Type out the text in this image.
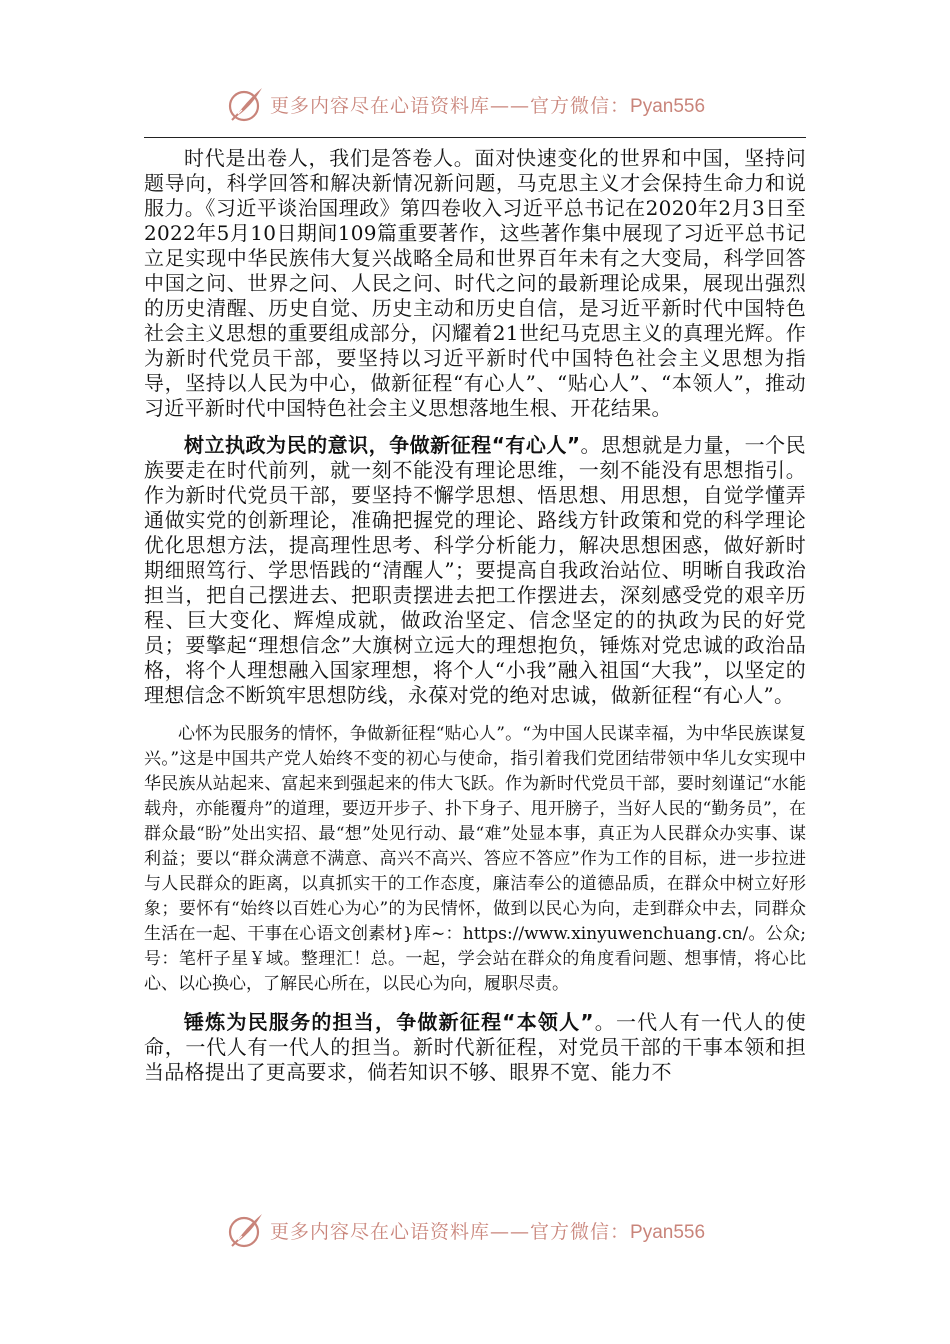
更多内容尽在心语资料库——官方微信：Pyan556

时代是出卷人，我们是答卷人。面对快速变化的世界和中国，坚持问题导向，科学回答和解决新情况新问题，马克思主义才会保持生命力和说服力。《习近平谈治国理政》第四卷收入习近平总书记在2020年2月3日至2022年5月10日期间109篇重要著作，这些著作集中展现了习近平总书记立足实现中华民族伟大复兴战略全局和世界百年未有之大变局，科学回答中国之问、世界之问、人民之问、时代之问的最新理论成果，展现出强烈的历史清醒、历史自觉、历史主动和历史自信，是习近平新时代中国特色社会主义思想的重要组成部分，闪耀着21世纪马克思主义的真理光辉。作为新时代党员干部，要坚持以习近平新时代中国特色社会主义思想为指导，坚持以人民为中心，做新征程“有心人”、“贴心人”、“本领人”，推动习近平新时代中国特色社会主义思想落地生根、开花结果。

树立执政为民的意识，争做新征程“有心人”。思想就是力量，一个民族要走在时代前列，就一刻不能没有理论思维，一刻不能没有思想指引。作为新时代党员干部，要坚持不懈学思想、悟思想、用思想，自觉学懂弄通做实党的创新理论，准确把握党的理论、路线方针政策和党的科学理论优化思想方法，提高理性思考、科学分析能力，解决思想困惑，做好新时期细照笃行、学思悟践的“清醒人”；要提高自我政治站位、明晰自我政治担当，把自己摆进去、把职责摆进去把工作摆进去，深刻感受党的艰辛历程、巨大变化、辉煌成就，做政治坚定、信念坚定的的执政为民的好党员；要擎起“理想信念”大旗树立远大的理想抱负，锤炼对党忠诚的政治品格，将个人理想融入国家理想，将个人“小我”融入祖国“大我”，以坚定的理想信念不断筑牢思想防线，永葆对党的绝对忠诚，做新征程“有心人”。

心怀为民服务的情怀，争做新征程“贴心人”。“为中国人民谋幸福，为中华民族谋复兴。”这是中国共产党人始终不变的初心与使命，指引着我们党团结带领中华儿女实现中华民族从站起来、富起来到强起来的伟大飞跃。作为新时代党员干部，要时刻谨记“水能载舟，亦能覆舟”的道理，要迈开步子、扑下身子、甩开膀子，当好人民的“勤务员”，在群众最“盼”处出实招、最“想”处见行动、最“难”处显本事，真正为人民群众办实事、谋利益；要以“群众满意不满意、高兴不高兴、答应不答应”作为工作的目标，进一步拉进与人民群众的距离，以真抓实干的工作态度，廉洁奉公的道德品质，在群众中树立好形象；要怀有“始终以百姓心为心”的为民情怀，做到以民心为向，走到群众中去，同群众生活在一起、干事在心语文创素材}库~：https://www.xinyuwenchuang.cn/。公众;号：笔杆子星￥域。整理汇！总。一起，学会站在群众的角度看问题、想事情，将心比心、以心换心，了解民心所在，以民心为向，履职尽责。

锤炼为民服务的担当，争做新征程“本领人”。一代人有一代人的使命，一代人有一代人的担当。新时代新征程，对党员干部的干事本领和担当品格提出了更高要求，倘若知识不够、眼界不宽、能力不

更多内容尽在心语资料库——官方微信：Pyan556
